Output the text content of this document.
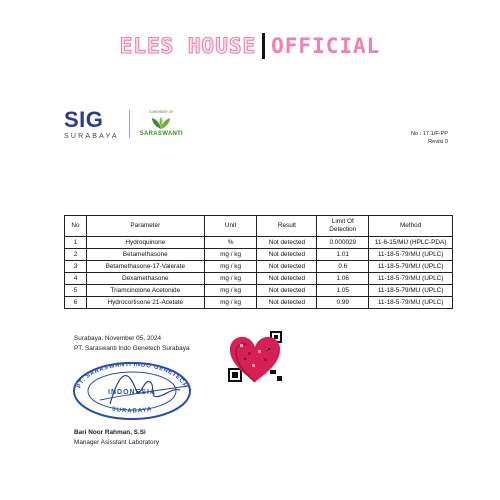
ELES HOUSE OFFICIAL
SIG
SURABAYA
A MEMBER OF
SARASWANTI	No : 17.1/F-PP
Revisi 0
No	Parameter	Unit	Result	Limit Of Detection	Method
1	Hydroquinone	%	Not detected	0.000029	11-6-15/MU (HPLC-PDA)
2	Betamethasone	mg / kg	Not detected	1.01	11-18-5-79/MU (UPLC)
3	Betamethasone-17-Valerate	mg / kg	Not detected	0.6	11-18-5-79/MU (UPLC)
4	Dexamethasone	mg / kg	Not detected	1.06	11-18-5-79/MU (UPLC)
5	Triamcinolone Acetonide	mg / kg	Not detected	1.05	11-18-5-79/MU (UPLC)
6	Hydrocortisone 21-Acetate	mg / kg	Not detected	0.99	11-18-5-79/MU (UPLC)
Surabaya, November 05, 2024
PT. Saraswanti Indo Genetech Surabaya
PT. SARASWANTI INDO GENETECH
INDONESIA
SURABAYA
Bari Noor Rahman, S.Si
Manager Asisstant Laboratory
